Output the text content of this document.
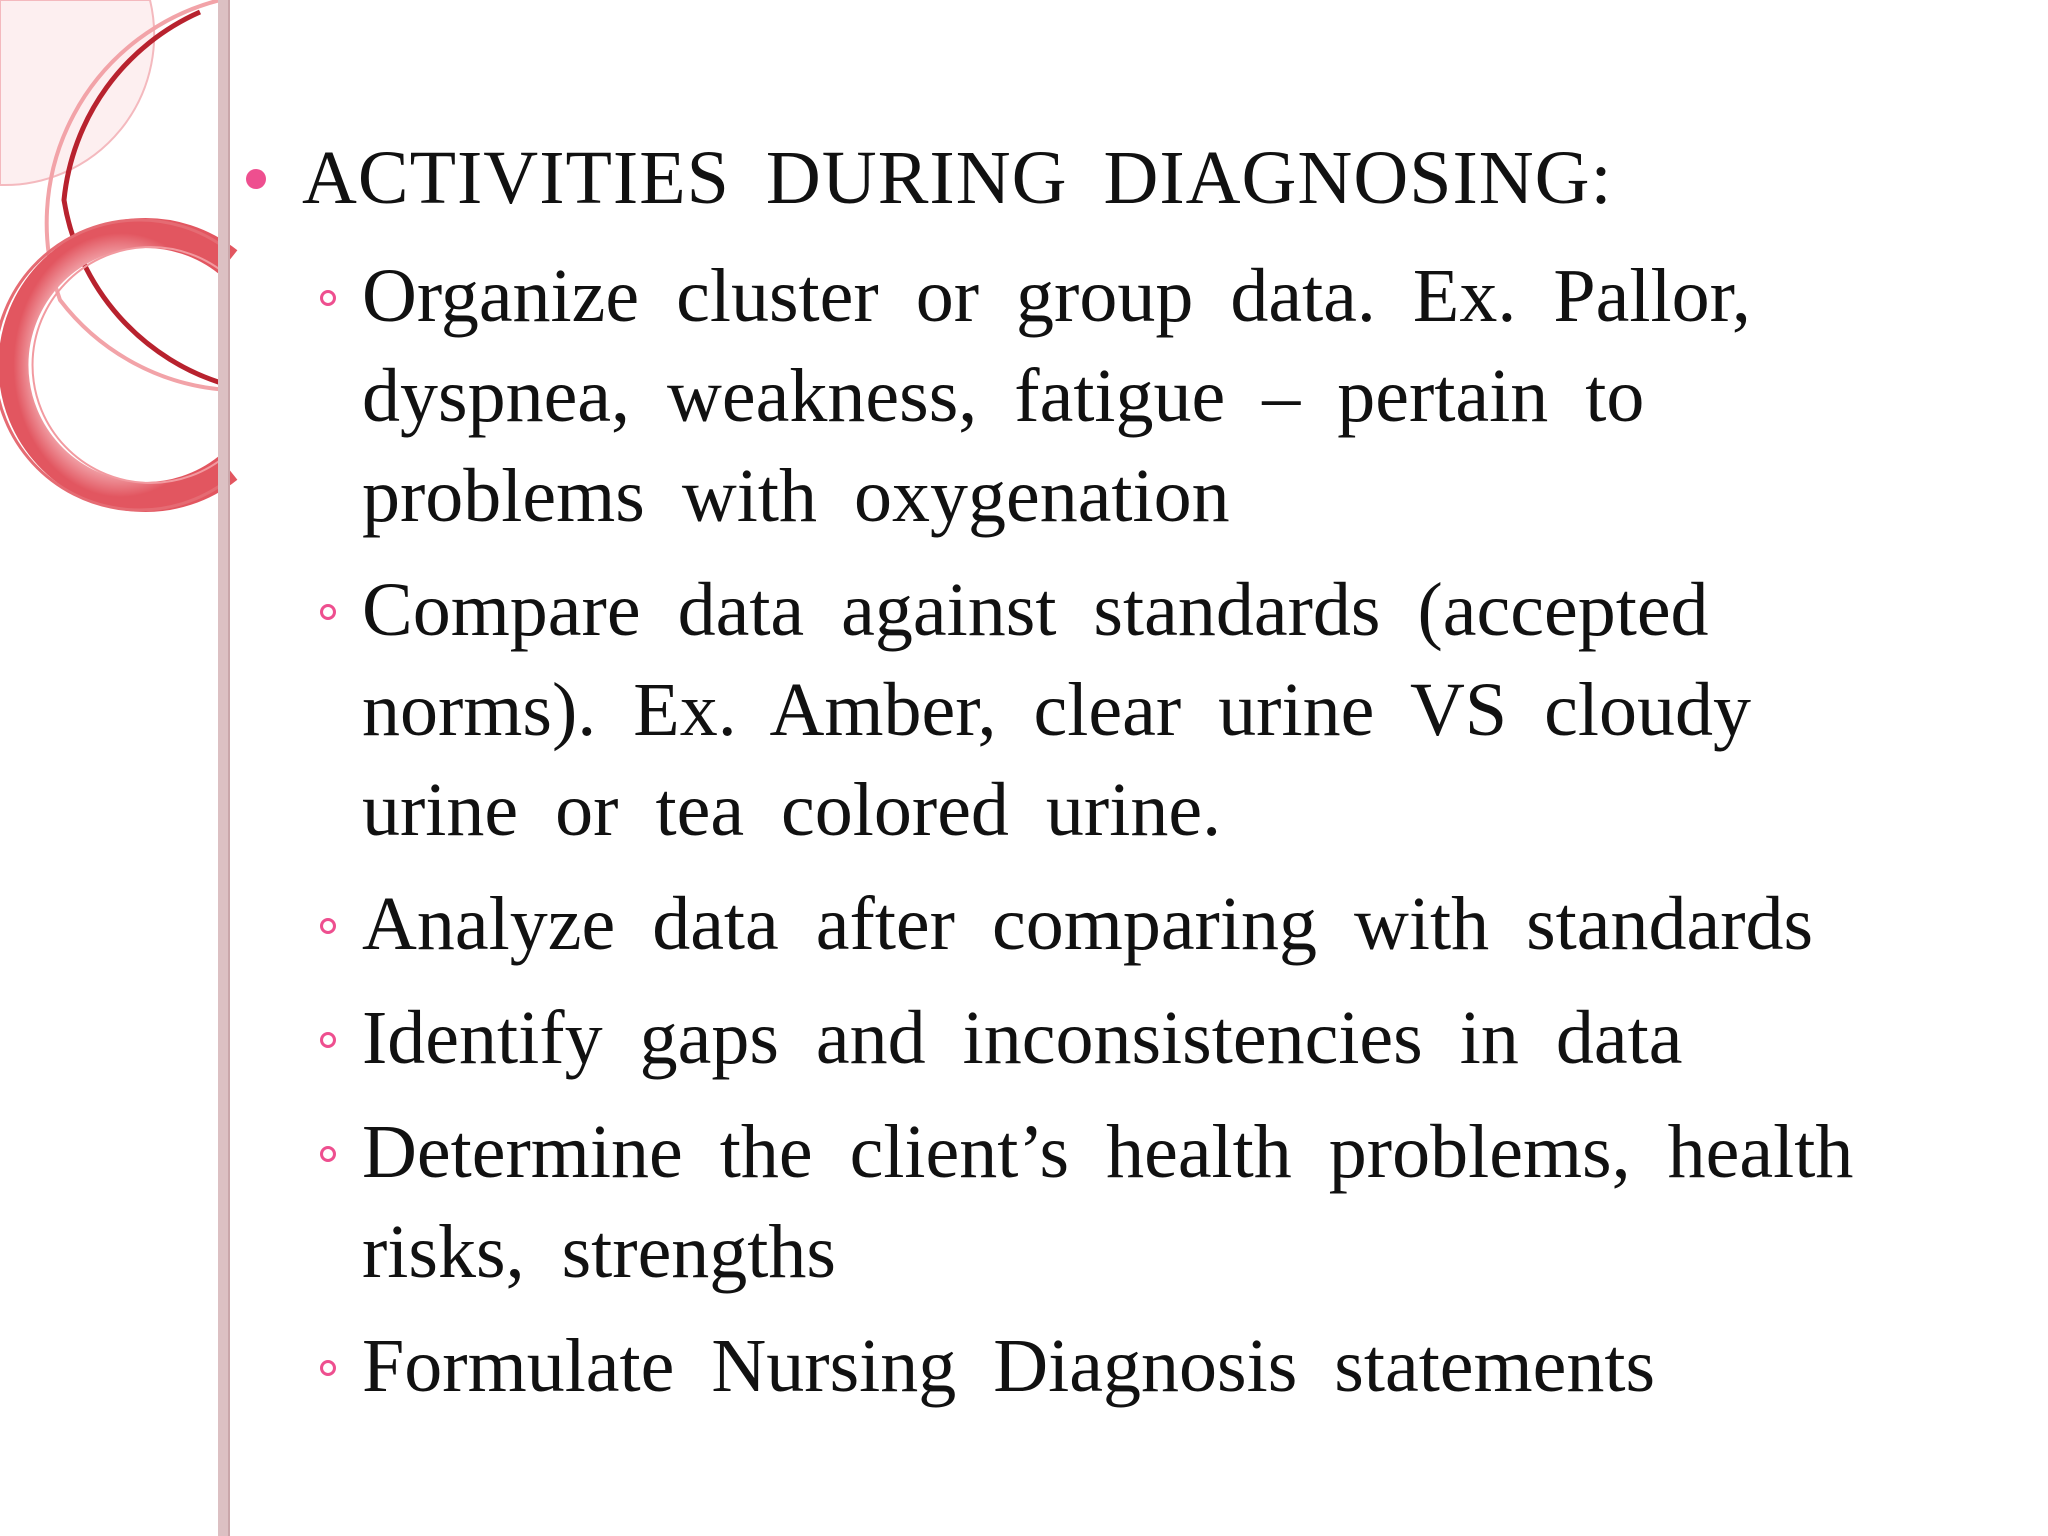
ACTIVITIES DURING DIAGNOSING:
Organize cluster or group data. Ex. Pallor, dyspnea, weakness, fatigue – pertain to problems with oxygenation
Compare data against standards (accepted norms). Ex. Amber, clear urine VS cloudy urine or tea colored urine.
Analyze data after comparing with standards
Identify gaps and inconsistencies in data
Determine the client’s health problems, health risks, strengths
Formulate Nursing Diagnosis statements
